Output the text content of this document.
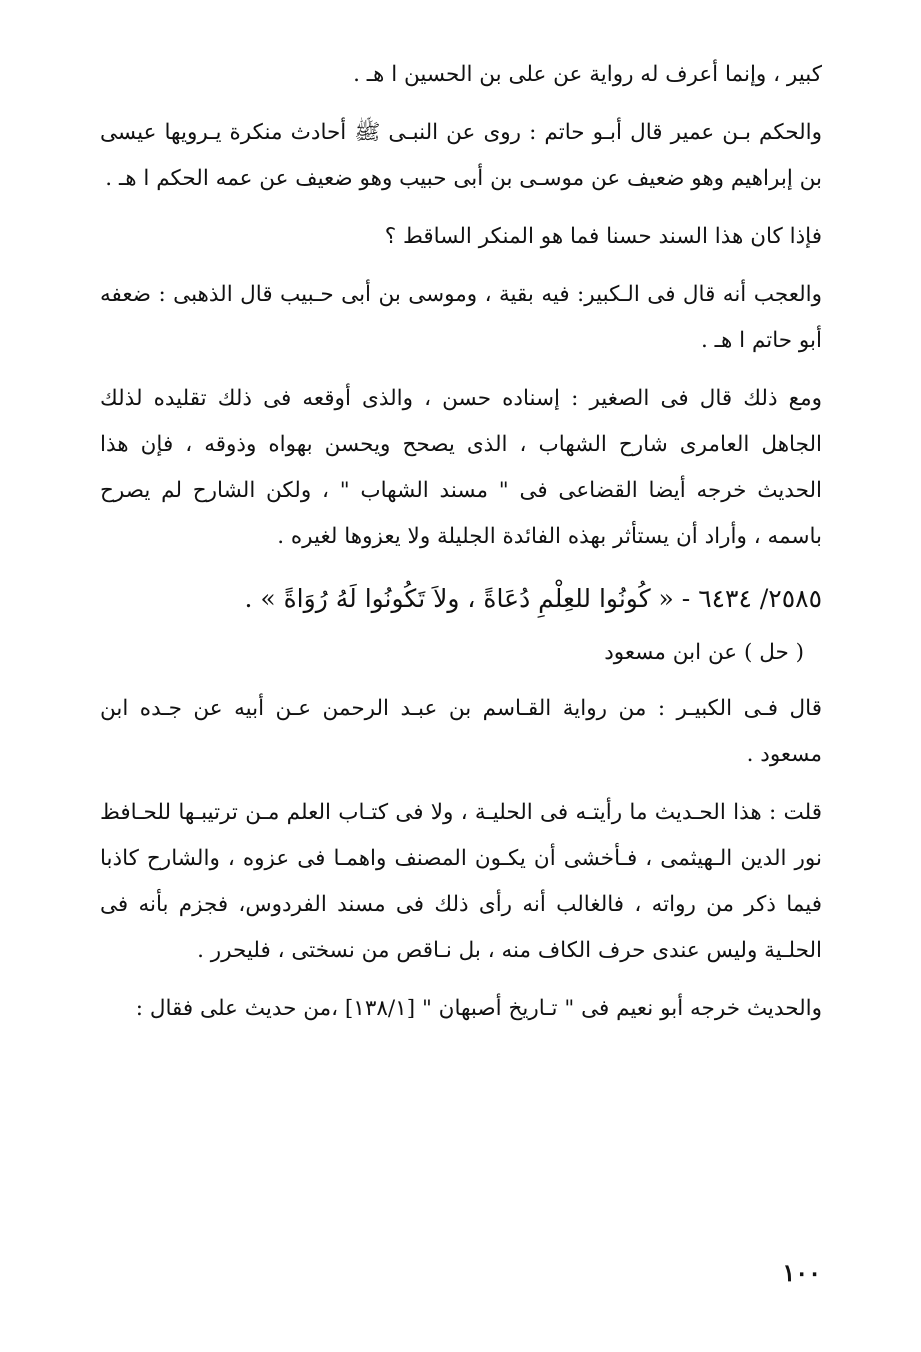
كبير ، وإنما أعرف له رواية عن على بن الحسين ا هـ .

والحكم بـن عمير قال أبـو حاتم : روى عن النبـى ﷺ أحادث منكرة يـرويها عيسى بن إبراهيم وهو ضعيف عن موسـى بن أبى حبيب وهو ضعيف عن عمه الحكم ا هـ .

فإذا كان هذا السند حسنا فما هو المنكر الساقط ؟

والعجب أنه قال فى الـكبير: فيه بقية ، وموسى بن أبى حـبيب قال الذهبى : ضعفه أبو حاتم ا هـ .

ومع ذلك قال فى الصغير : إسناده حسن ، والذى أوقعه فى ذلك تقليده لذلك الجاهل العامرى شارح الشهاب ، الذى يصحح ويحسن بهواه وذوقه ، فإن هذا الحديث خرجه أيضا القضاعى فى " مسند الشهاب " ، ولكن الشارح لم يصرح باسمه ، وأراد أن يستأثر بهذه الفائدة الجليلة ولا يعزوها لغيره .

٢٥٨٥/ ٦٤٣٤ - « كُونُوا للعِلْمِ دُعَاةً ، ولاَ تَكُونُوا لَهُ رُوَاةً » .
( حل ) عن ابن مسعود

قال فـى الكبيـر : من رواية القـاسم بن عبـد الرحمن عـن أبيه عن جـده ابن مسعود .

قلت : هذا الحـديث ما رأيتـه فى الحليـة ، ولا فى كتـاب العلم مـن ترتيبـها للحـافظ نور الدين الـهيثمى ، فـأخشى أن يكـون المصنف واهمـا فى عزوه ، والشارح كاذبا فيما ذكر من رواته ، فالغالب أنه رأى ذلك فى مسند الفردوس، فجزم بأنه فى الحلـية وليس عندى حرف الكاف منه ، بل نـاقص من نسختى ، فليحرر .

والحديث خرجه أبو نعيم فى " تـاريخ أصبهان " [١٣٨/١] ،من حديث على فقال :

١٠٠
